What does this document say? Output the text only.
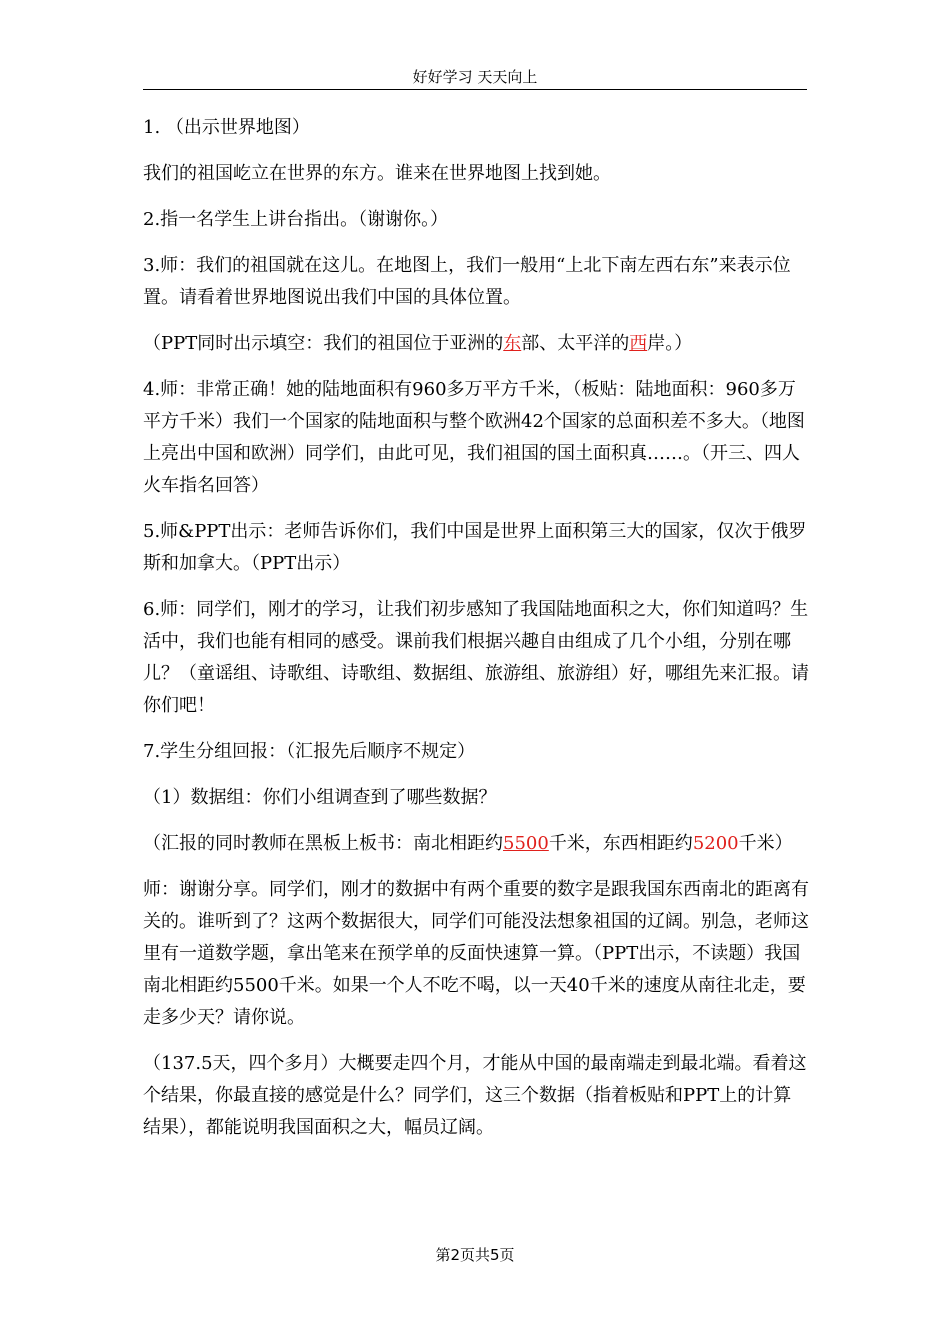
好好学习 天天向上

1. （出示世界地图）

我们的祖国屹立在世界的东方。谁来在世界地图上找到她。

2.指一名学生上讲台指出。（谢谢你。）

3.师：我们的祖国就在这儿。在地图上，我们一般用“上北下南左西右东”来表示位置。请看着世界地图说出我们中国的具体位置。

（PPT同时出示填空：我们的祖国位于亚洲的东部、太平洋的西岸。）

4.师：非常正确！她的陆地面积有960多万平方千米，（板贴：陆地面积：960多万平方千米）我们一个国家的陆地面积与整个欧洲42个国家的总面积差不多大。（地图上亮出中国和欧洲）同学们，由此可见，我们祖国的国土面积真……。（开三、四人火车指名回答）

5.师&PPT出示：老师告诉你们，我们中国是世界上面积第三大的国家，仅次于俄罗斯和加拿大。（PPT出示）

6.师：同学们，刚才的学习，让我们初步感知了我国陆地面积之大，你们知道吗？生活中，我们也能有相同的感受。课前我们根据兴趣自由组成了几个小组，分别在哪儿？（童谣组、诗歌组、诗歌组、数据组、旅游组、旅游组）好，哪组先来汇报。请你们吧！

7.学生分组回报：（汇报先后顺序不规定）

（1）数据组：你们小组调查到了哪些数据？

（汇报的同时教师在黑板上板书：南北相距约5500千米，东西相距约5200千米）

师：谢谢分享。同学们，刚才的数据中有两个重要的数字是跟我国东西南北的距离有关的。谁听到了？这两个数据很大，同学们可能没法想象祖国的辽阔。别急，老师这里有一道数学题，拿出笔来在预学单的反面快速算一算。（PPT出示，不读题）我国南北相距约5500千米。如果一个人不吃不喝，以一天40千米的速度从南往北走，要走多少天？请你说。

（137.5天，四个多月）大概要走四个月，才能从中国的最南端走到最北端。看着这个结果，你最直接的感觉是什么？同学们，这三个数据（指着板贴和PPT上的计算结果），都能说明我国面积之大，幅员辽阔。

第2页共5页
